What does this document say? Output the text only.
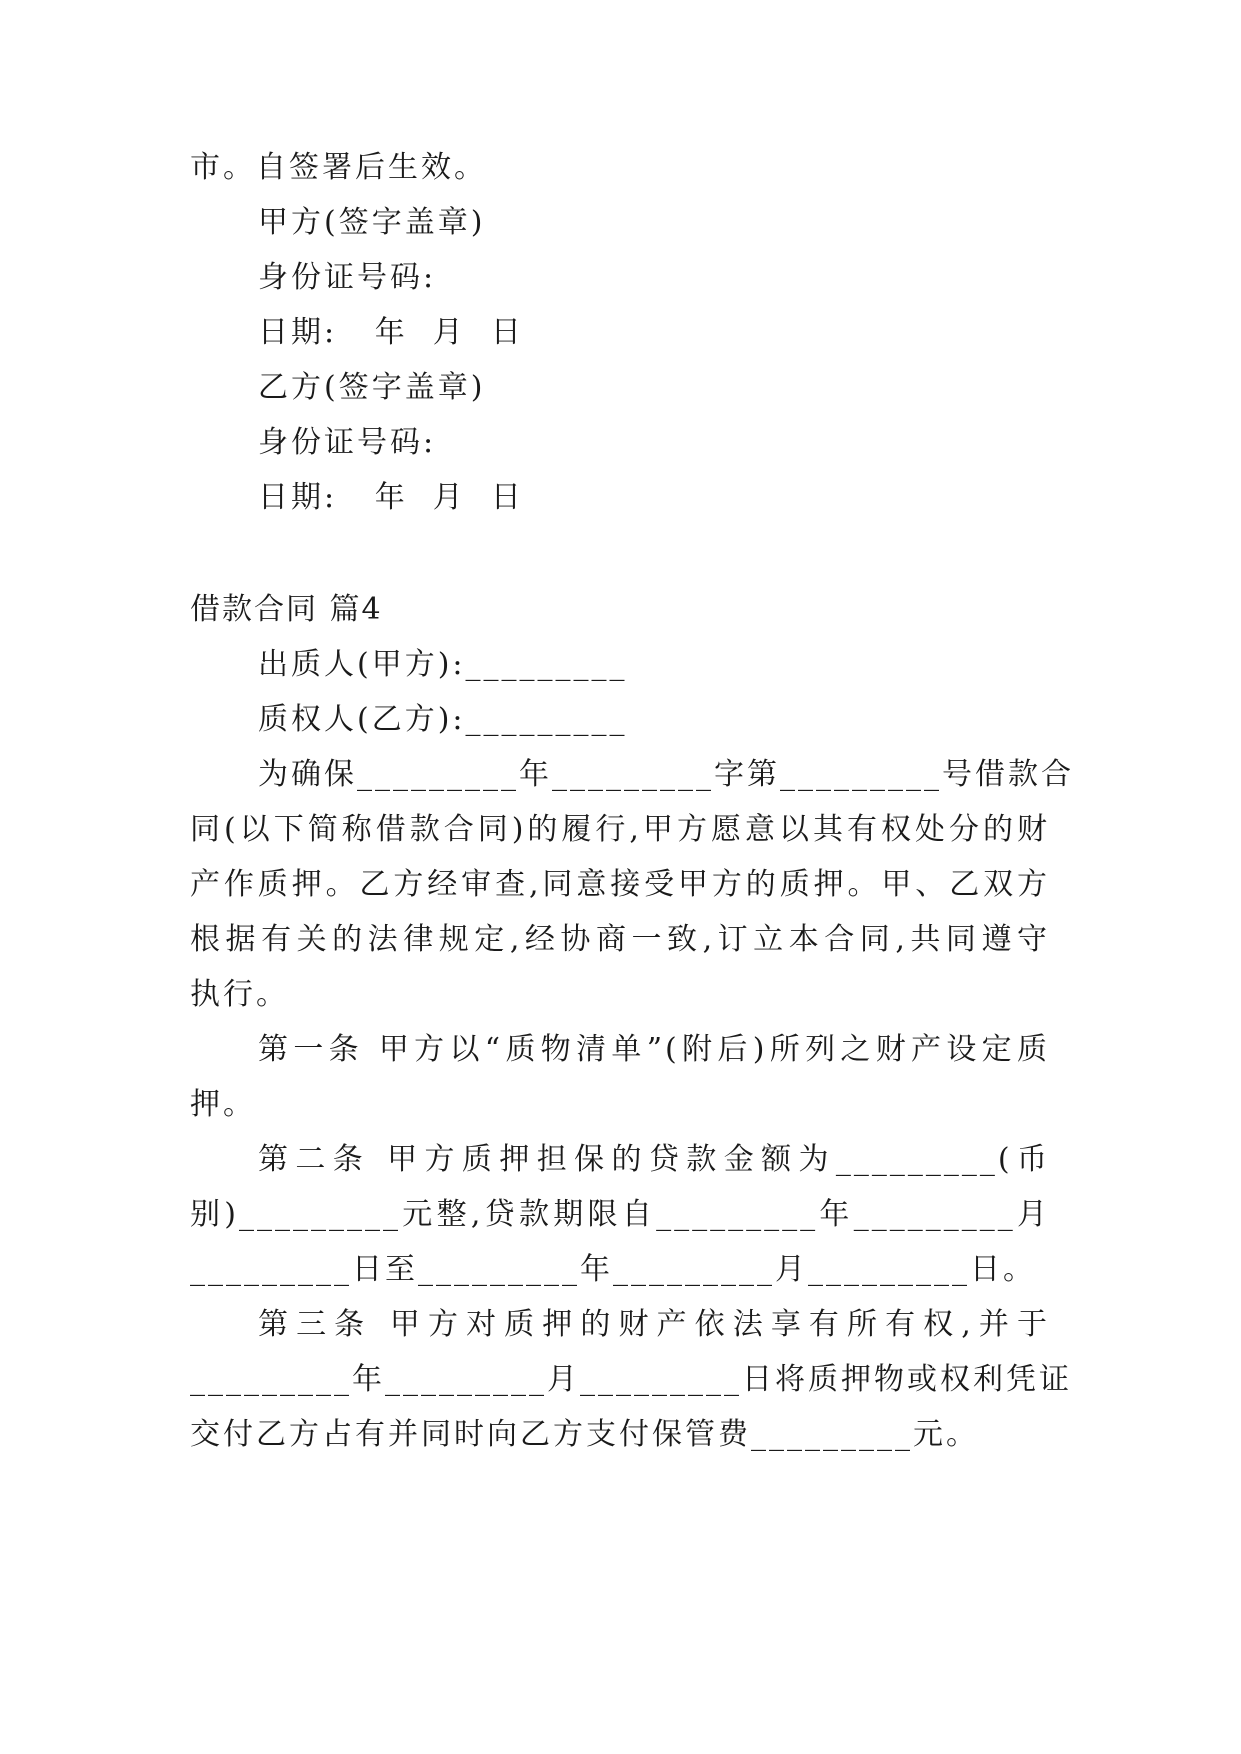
市。自签署后生效。
甲方(签字盖章)
身份证号码:
日期:   年  月  日
乙方(签字盖章)
身份证号码:
日期:   年  月  日
借款合同 篇4
出质人(甲方):_________
质权人(乙方):_________
为确保_________年_________字第_________号借款合
同(以下简称借款合同)的履行,甲方愿意以其有权处分的财
产作质押。乙方经审查,同意接受甲方的质押。甲、乙双方
根据有关的法律规定,经协商一致,订立本合同,共同遵守
执行。
第一条 甲方以“质物清单”(附后)所列之财产设定质
押。
第二条 甲方质押担保的贷款金额为_________(币
别)_________元整,贷款期限自_________年_________月
_________日至_________年_________月_________日。
第三条 甲方对质押的财产依法享有所有权,并于
_________年_________月_________日将质押物或权利凭证
交付乙方占有并同时向乙方支付保管费_________元。
